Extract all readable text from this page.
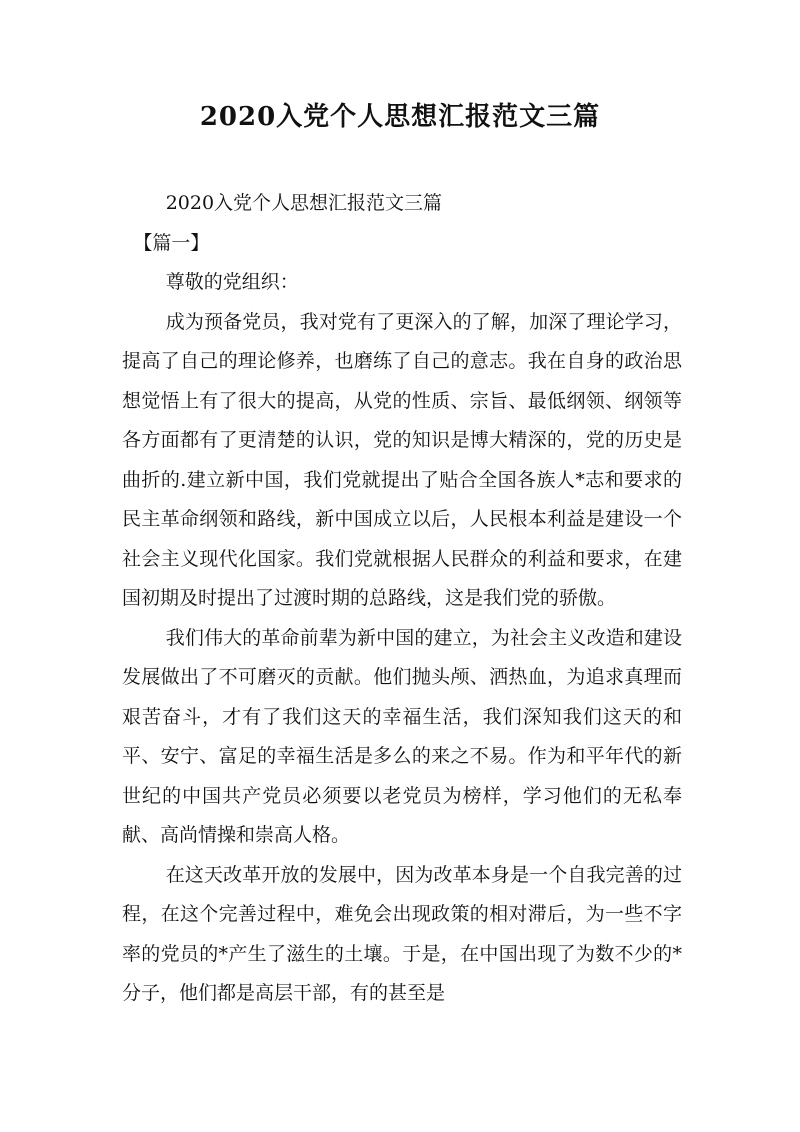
2020入党个人思想汇报范文三篇

2020入党个人思想汇报范文三篇

【篇一】

尊敬的党组织：

成为预备党员，我对党有了更深入的了解，加深了理论学习，提高了自己的理论修养，也磨练了自己的意志。我在自身的政治思想觉悟上有了很大的提高，从党的性质、宗旨、最低纲领、纲领等各方面都有了更清楚的认识，党的知识是博大精深的，党的历史是曲折的.建立新中国，我们党就提出了贴合全国各族人*志和要求的民主革命纲领和路线，新中国成立以后，人民根本利益是建设一个社会主义现代化国家。我们党就根据人民群众的利益和要求，在建国初期及时提出了过渡时期的总路线，这是我们党的骄傲。

我们伟大的革命前辈为新中国的建立，为社会主义改造和建设发展做出了不可磨灭的贡献。他们抛头颅、洒热血，为追求真理而艰苦奋斗，才有了我们这天的幸福生活，我们深知我们这天的和平、安宁、富足的幸福生活是多么的来之不易。作为和平年代的新世纪的中国共产党员必须要以老党员为榜样，学习他们的无私奉献、高尚情操和崇高人格。

在这天改革开放的发展中，因为改革本身是一个自我完善的过程，在这个完善过程中，难免会出现政策的相对滞后，为一些不字率的党员的*产生了滋生的土壤。于是，在中国出现了为数不少的*分子，他们都是高层干部，有的甚至是
